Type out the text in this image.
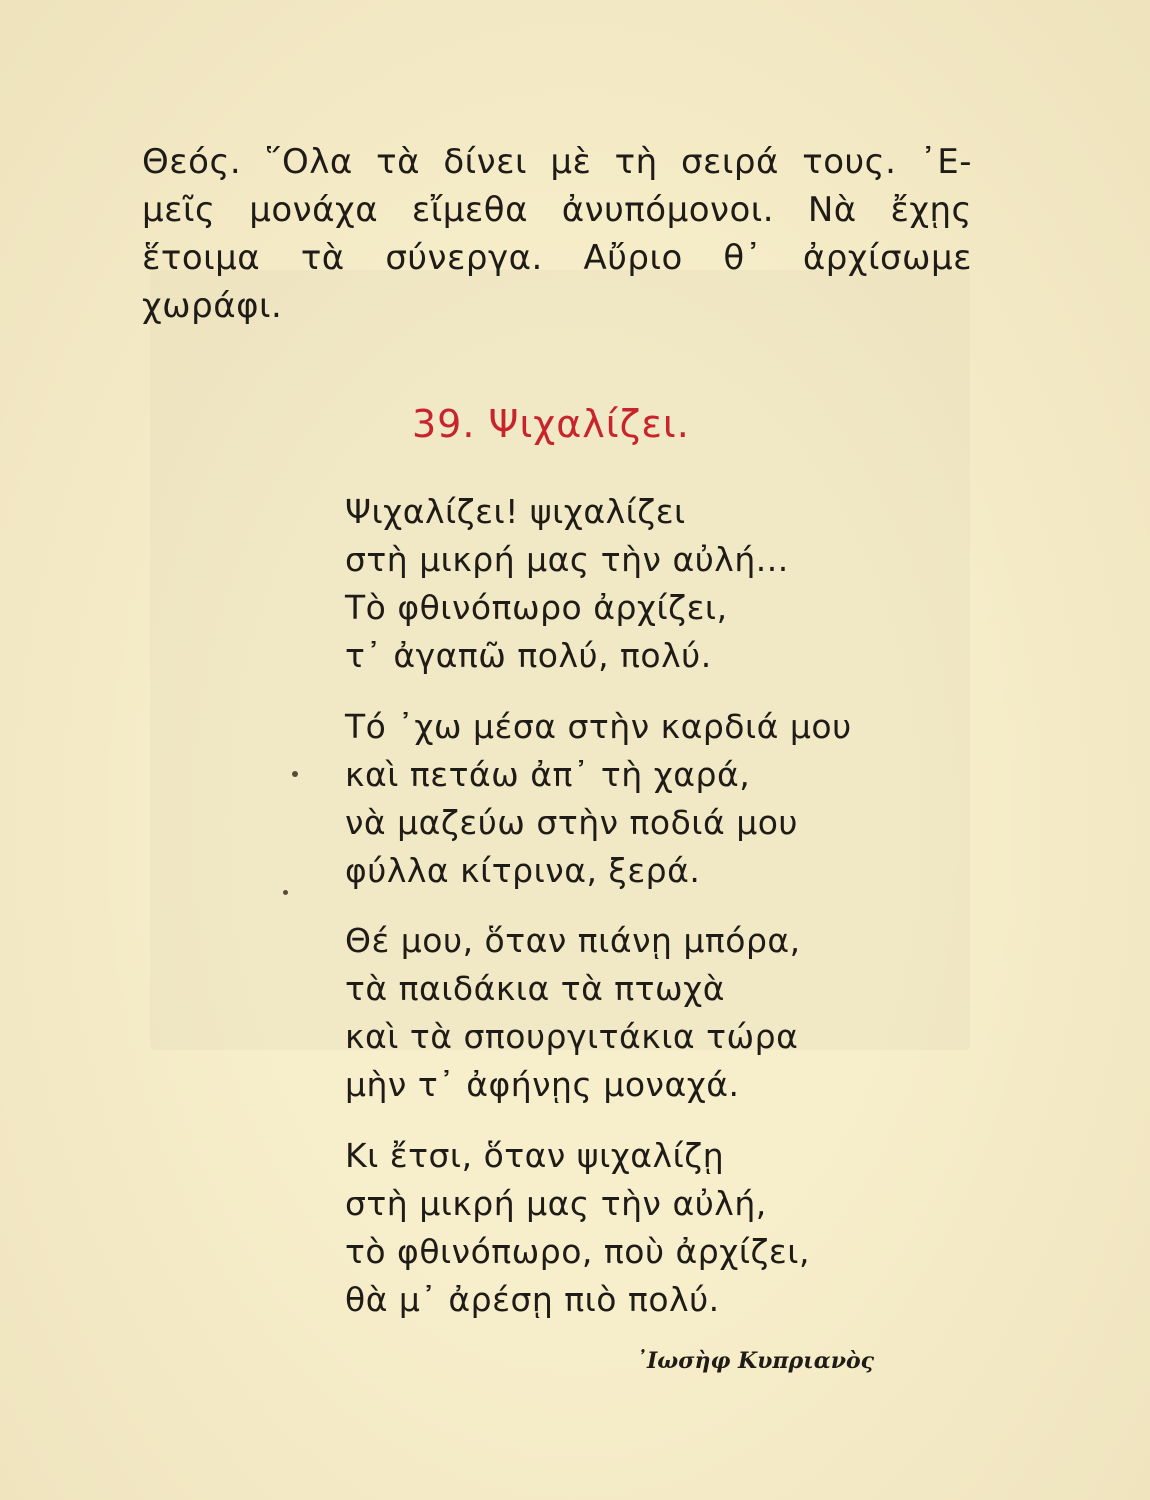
Θεός. ῞Ολα τὰ δίνει μὲ τὴ σειρά τους. ᾿Ε-
μεῖς μονάχα εἴμεθα ἀνυπόμονοι. Νὰ ἔχῃς
ἕτοιμα τὰ σύνεργα. Αὔριο θ᾿ ἀρχίσωμε
χωράφι.

39. Ψιχαλίζει.

Ψιχαλίζει! ψιχαλίζει
στὴ μικρή μας τὴν αὐλή...
Τὸ φθινόπωρο ἀρχίζει,
τ᾿ ἀγαπῶ πολύ, πολύ.

Τό ᾿χω μέσα στὴν καρδιά μου
καὶ πετάω ἀπ᾿ τὴ χαρά,
νὰ μαζεύω στὴν ποδιά μου
φύλλα κίτρινα, ξερά.

Θέ μου, ὅταν πιάνῃ μπόρα,
τὰ παιδάκια τὰ πτωχὰ
καὶ τὰ σπουργιτάκια τώρα
μὴν τ᾿ ἀφήνῃς μοναχά.

Κι ἔτσι, ὅταν ψιχαλίζῃ
στὴ μικρή μας τὴν αὐλή,
τὸ φθινόπωρο, ποὺ ἀρχίζει,
θὰ μ᾿ ἀρέσῃ πιὸ πολύ.

᾿Ιωσὴφ Κυπριανὸς
